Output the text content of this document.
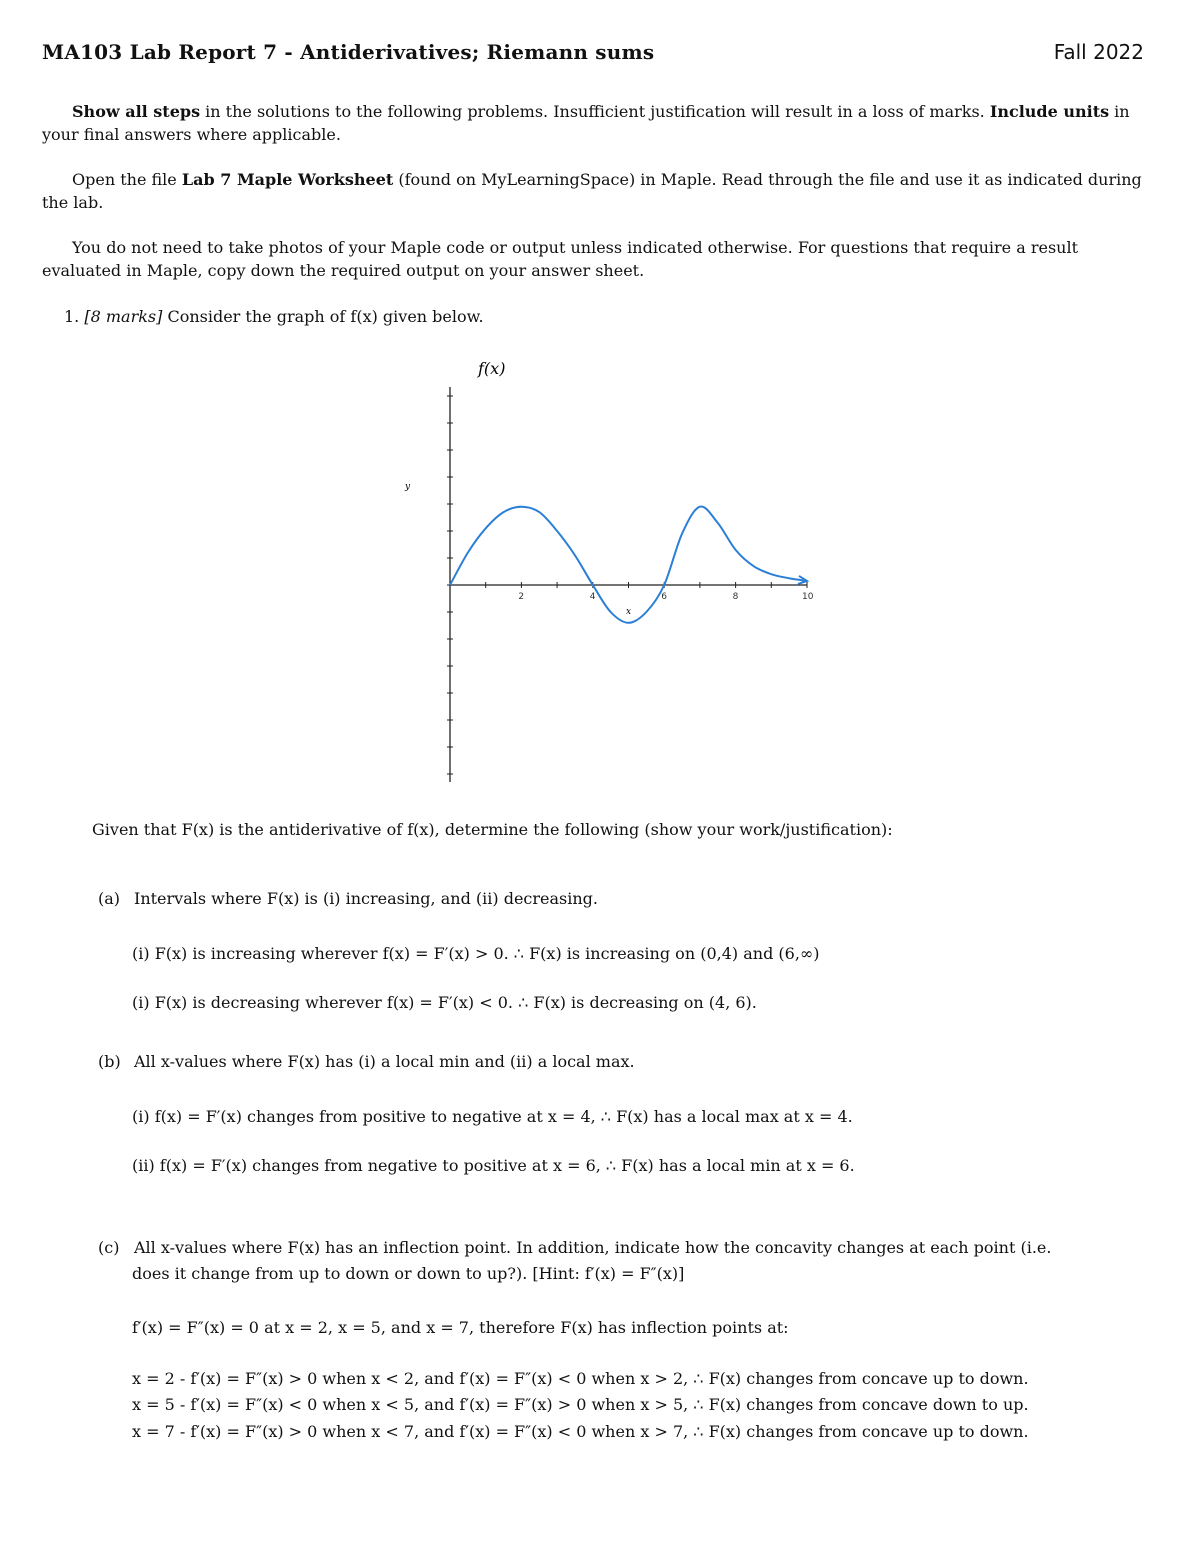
MA103 Lab Report 7 - Antiderivatives; Riemann sums	Fall 2022

Show all steps in the solutions to the following problems. Insufficient justification will result in a loss of marks. Include units in your final answers where applicable.

Open the file Lab 7 Maple Worksheet (found on MyLearningSpace) in Maple. Read through the file and use it as indicated during the lab.

You do not need to take photos of your Maple code or output unless indicated otherwise. For questions that require a result evaluated in Maple, copy down the required output on your answer sheet.

1. [8 marks] Consider the graph of f(x) given below.

f(x)
y
x
2	4	6	8	10
Given that F(x) is the antiderivative of f(x), determine the following (show your work/justification):
(a) Intervals where F(x) is (i) increasing, and (ii) decreasing.
(i) F(x) is increasing wherever f(x) = F′(x) > 0. ∴ F(x) is increasing on (0,4) and (6,∞)
(i) F(x) is decreasing wherever f(x) = F′(x) < 0. ∴ F(x) is decreasing on (4, 6).
(b) All x-values where F(x) has (i) a local min and (ii) a local max.
(i) f(x) = F′(x) changes from positive to negative at x = 4, ∴ F(x) has a local max at x = 4.
(ii) f(x) = F′(x) changes from negative to positive at x = 6, ∴ F(x) has a local min at x = 6.
(c) All x-values where F(x) has an inflection point. In addition, indicate how the concavity changes at each point (i.e.
does it change from up to down or down to up?). [Hint: f′(x) = F″(x)]
f′(x) = F″(x) = 0 at x = 2, x = 5, and x = 7, therefore F(x) has inflection points at:
x = 2 - f′(x) = F″(x) > 0 when x < 2, and f′(x) = F″(x) < 0 when x > 2, ∴ F(x) changes from concave up to down.
x = 5 - f′(x) = F″(x) < 0 when x < 5, and f′(x) = F″(x) > 0 when x > 5, ∴ F(x) changes from concave down to up.
x = 7 - f′(x) = F″(x) > 0 when x < 7, and f′(x) = F″(x) < 0 when x > 7, ∴ F(x) changes from concave up to down.
